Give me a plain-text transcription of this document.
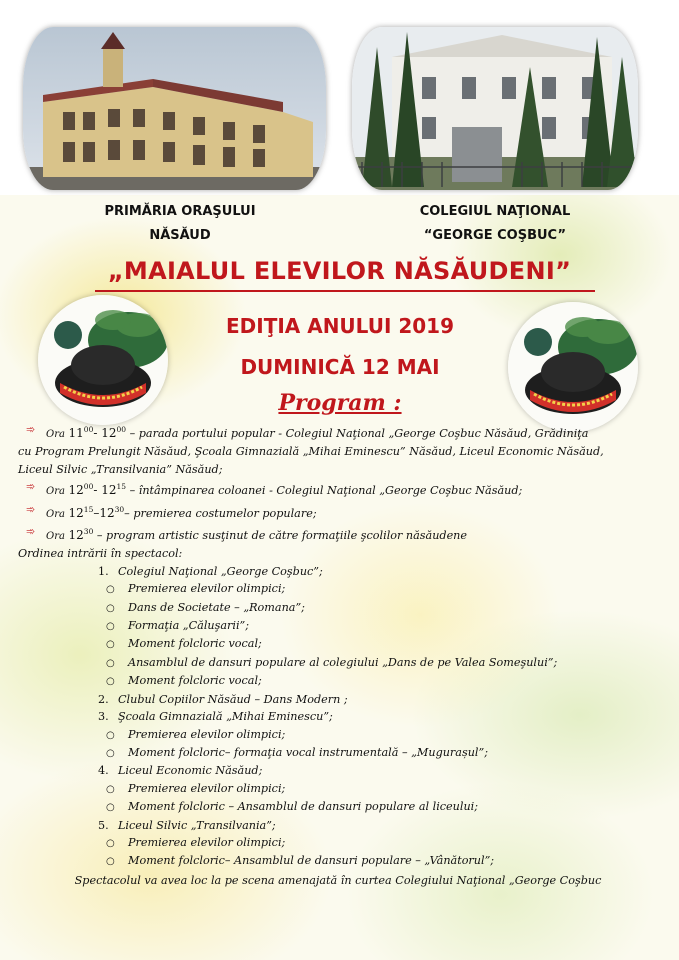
PRIMĂRIA ORAŞULUI
NĂSĂUD
COLEGIUL NAŢIONAL
“GEORGE COŞBUC”
„MAIALUL ELEVILOR NĂSĂUDENI”
EDIŢIA ANULUI 2019
DUMINICĂ 12 MAI
Program :
➾ Ora $11^{00}-$ $12^{00}$ – parada portului popular - Colegiul Naţional „George Coşbuc Năsăud, Grădiniţa
cu Program Prelungit Năsăud, Şcoala Gimnazială „Mihai Eminescu” Năsăud, Liceul Economic Năsăud,
Liceul Silvic „Transilvania” Năsăud;
➾ Ora $12^{00}-$ $12^{15}$ – întâmpinarea coloanei - Colegiul Naţional „George Coşbuc Năsăud;
➾ Ora $12^{15}-12^{30}-$ premierea costumelor populare;
➾ Ora $12^{30}$ – program artistic susţinut de către formaţiile şcolilor năsăudene
Ordinea intrării în spectacol:
1. Colegiul Naţional „George Coşbuc”;
○ Premierea elevilor olimpici;
○ Dans de Societate – „Romana”;
○ Formaţia „Căluşarii”;
○ Moment folcloric vocal;
○ Ansamblul de dansuri populare al colegiului „Dans de pe Valea Someşului”;
○ Moment folcloric vocal;
2. Clubul Copiilor Năsăud – Dans Modern ;
3. Şcoala Gimnazială „Mihai Eminescu”;
○ Premierea elevilor olimpici;
○ Moment folcloric– formaţia vocal instrumentală – „Mugurașul”;
4. Liceul Economic Năsăud;
○ Premierea elevilor olimpici;
○ Moment folcloric – Ansamblul de dansuri populare al liceului;
5. Liceul Silvic „Transilvania”;
○ Premierea elevilor olimpici;
○ Moment folcloric– Ansamblul de dansuri populare – „Vânătorul”;
Spectacolul va avea loc la pe scena amenajată în curtea Colegiului Naţional „George Coşbuc
